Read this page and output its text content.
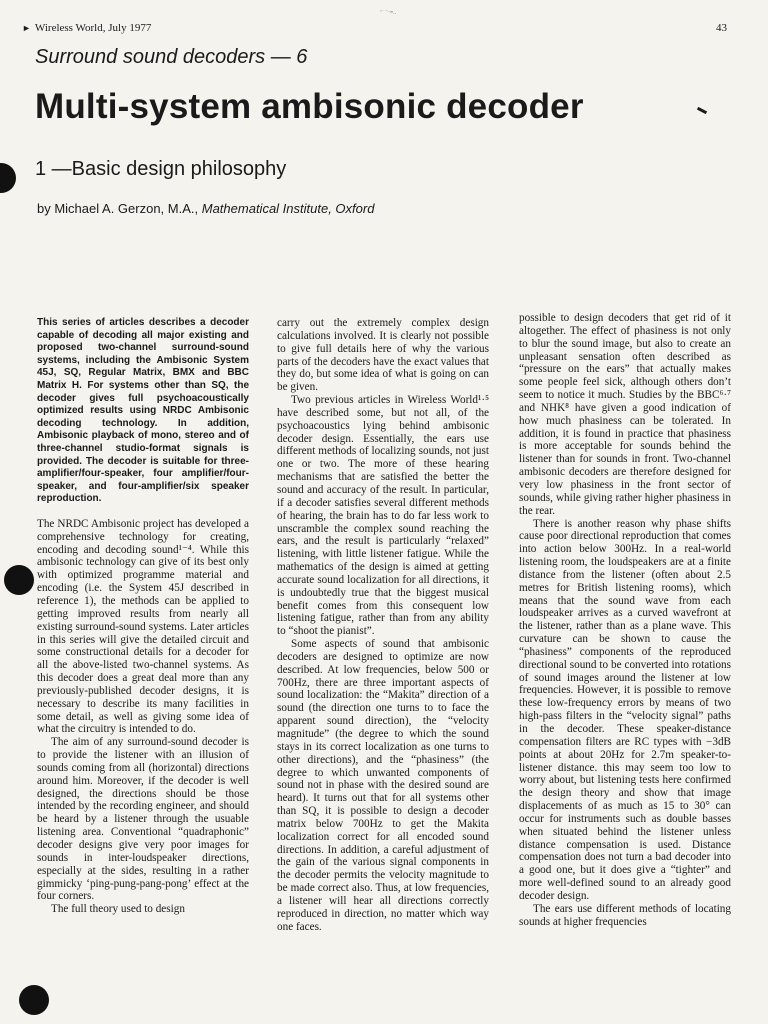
‘˙ ¨¬•..
► Wireless World, July 1977	43
Surround sound decoders — 6
Multi-system ambisonic decoder
1 —Basic design philosophy
by Michael A. Gerzon, M.A., Mathematical Institute, Oxford
This series of articles describes a decoder capable of decoding all major existing and proposed two-channel surround-sound systems, including the Ambisonic System 45J, SQ, Regular Matrix, BMX and BBC Matrix H. For systems other than SQ, the decoder gives full psychoacoustically optimized results using NRDC Ambisonic decoding technology. In addition, Ambisonic playback of mono, stereo and of three-channel studio-format signals is provided. The decoder is suitable for three-amplifier/four-speaker, four amplifier/four-speaker, and four-amplifier/six speaker reproduction.

The NRDC Ambisonic project has developed a comprehensive technology for creating, encoding and decoding sound¹⁻⁴. While this ambisonic technology can give of its best only with optimized programme material and encoding (i.e. the System 45J described in reference 1), the methods can be applied to getting improved results from nearly all existing surround-sound systems. Later articles in this series will give the detailed circuit and some constructional details for a decoder for all the above-listed two-channel systems. As this decoder does a great deal more than any previously-published decoder designs, it is necessary to describe its many facilities in some detail, as well as giving some idea of what the circuitry is intended to do.

The aim of any surround-sound decoder is to provide the listener with an illusion of sounds coming from all (horizontal) directions around him. Moreover, if the decoder is well designed, the directions should be those intended by the recording engineer, and should be heard by a listener through the usuable listening area. Conventional “quadraphonic” decoder designs give very poor images for sounds in inter-loudspeaker directions, especially at the sides, resulting in a rather gimmicky ‘ping-pung-pang-pong’ effect at the four corners.

The full theory used to design

carry out the extremely complex design calculations involved. It is clearly not possible to give full details here of why the various parts of the decoders have the exact values that they do, but some idea of what is going on can be given.

Two previous articles in Wireless World¹·⁵ have described some, but not all, of the psychoacoustics lying behind ambisonic decoder design. Essentially, the ears use different methods of localizing sounds, not just one or two. The more of these hearing mechanisms that are satisfied the better the sound and accuracy of the result. In particular, if a decoder satisfies several different methods of hearing, the brain has to do far less work to unscramble the complex sound reaching the ears, and the result is particularly “relaxed” listening, with little listener fatigue. While the mathematics of the design is aimed at getting accurate sound localization for all directions, it is undoubtedly true that the biggest musical benefit comes from this consequent low listening fatigue, rather than from any ability to “shoot the pianist”.

Some aspects of sound that ambisonic decoders are designed to optimize are now described. At low frequencies, below 500 or 700Hz, there are three important aspects of sound localization: the “Makita” direction of a sound (the direction one turns to to face the apparent sound direction), the “velocity magnitude” (the degree to which the sound stays in its correct localization as one turns to other directions), and the “phasiness” (the degree to which unwanted components of sound not in phase with the desired sound are heard). It turns out that for all systems other than SQ, it is possible to design a decoder matrix below 700Hz to get the Makita localization correct for all encoded sound directions. In addition, a careful adjustment of the gain of the various signal components in the decoder permits the velocity magnitude to be made correct also. Thus, at low frequencies, a listener will hear all directions correctly reproduced in direction, no matter which way one faces.

possible to design decoders that get rid of it altogether. The effect of phasiness is not only to blur the sound image, but also to create an unpleasant sensation often described as “pressure on the ears” that actually makes some people feel sick, although others don’t seem to notice it much. Studies by the BBC⁶·⁷ and NHK⁸ have given a good indication of how much phasiness can be tolerated. In addition, it is found in practice that phasiness is more acceptable for sounds behind the listener than for sounds in front. Two-channel ambisonic decoders are therefore designed for very low phasiness in the front sector of sounds, while giving rather higher phasiness in the rear.

There is another reason why phase shifts cause poor directional reproduction that comes into action below 300Hz. In a real-world listening room, the loudspeakers are at a finite distance from the listener (often about 2.5 metres for British listening rooms), which means that the sound wave from each loudspeaker arrives as a curved wavefront at the listener, rather than as a plane wave. This curvature can be shown to cause the “phasiness” components of the reproduced directional sound to be converted into rotations of sound images around the listener at low frequencies. However, it is possible to remove these low-frequency errors by means of two high-pass filters in the “velocity signal” paths in the decoder. These speaker-distance compensation filters are RC types with −3dB points at about 20Hz for 2.7m speaker-to-listener distance. this may seem too low to worry about, but listening tests here confirmed the design theory and show that image displacements of as much as 15 to 30° can occur for instruments such as double basses when situated behind the listener unless distance compensation is used. Distance compensation does not turn a bad decoder into a good one, but it does give a “tighter” and more well-defined sound to an already good decoder design.

The ears use different methods of locating sounds at higher frequencies
